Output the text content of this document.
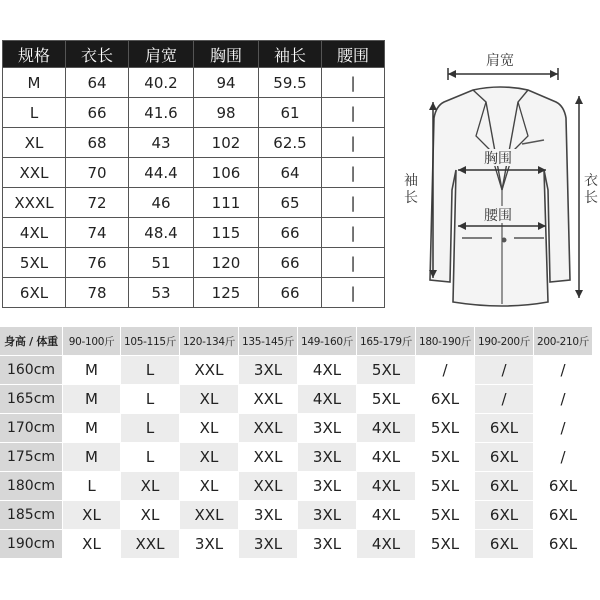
规格	衣长	肩宽	胸围	袖长	腰围
M	64	40.2	94	59.5	|
L	66	41.6	98	61	|
XL	68	43	102	62.5	|
XXL	70	44.4	106	64	|
XXXL	72	46	111	65	|
4XL	74	48.4	115	66	|
5XL	76	51	120	66	|
6XL	78	53	125	66	|
肩宽
袖
长
衣
长
胸围
腰围
身高 / 体重	90-100斤	105-115斤	120-134斤	135-145斤	149-160斤	165-179斤	180-190斤	190-200斤	200-210斤
160cm	M	L	XXL	3XL	4XL	5XL	/	/	/
165cm	M	L	XL	XXL	4XL	5XL	6XL	/	/
170cm	M	L	XL	XXL	3XL	4XL	5XL	6XL	/
175cm	M	L	XL	XXL	3XL	4XL	5XL	6XL	/
180cm	L	XL	XL	XXL	3XL	4XL	5XL	6XL	6XL
185cm	XL	XL	XXL	3XL	3XL	4XL	5XL	6XL	6XL
190cm	XL	XXL	3XL	3XL	3XL	4XL	5XL	6XL	6XL
